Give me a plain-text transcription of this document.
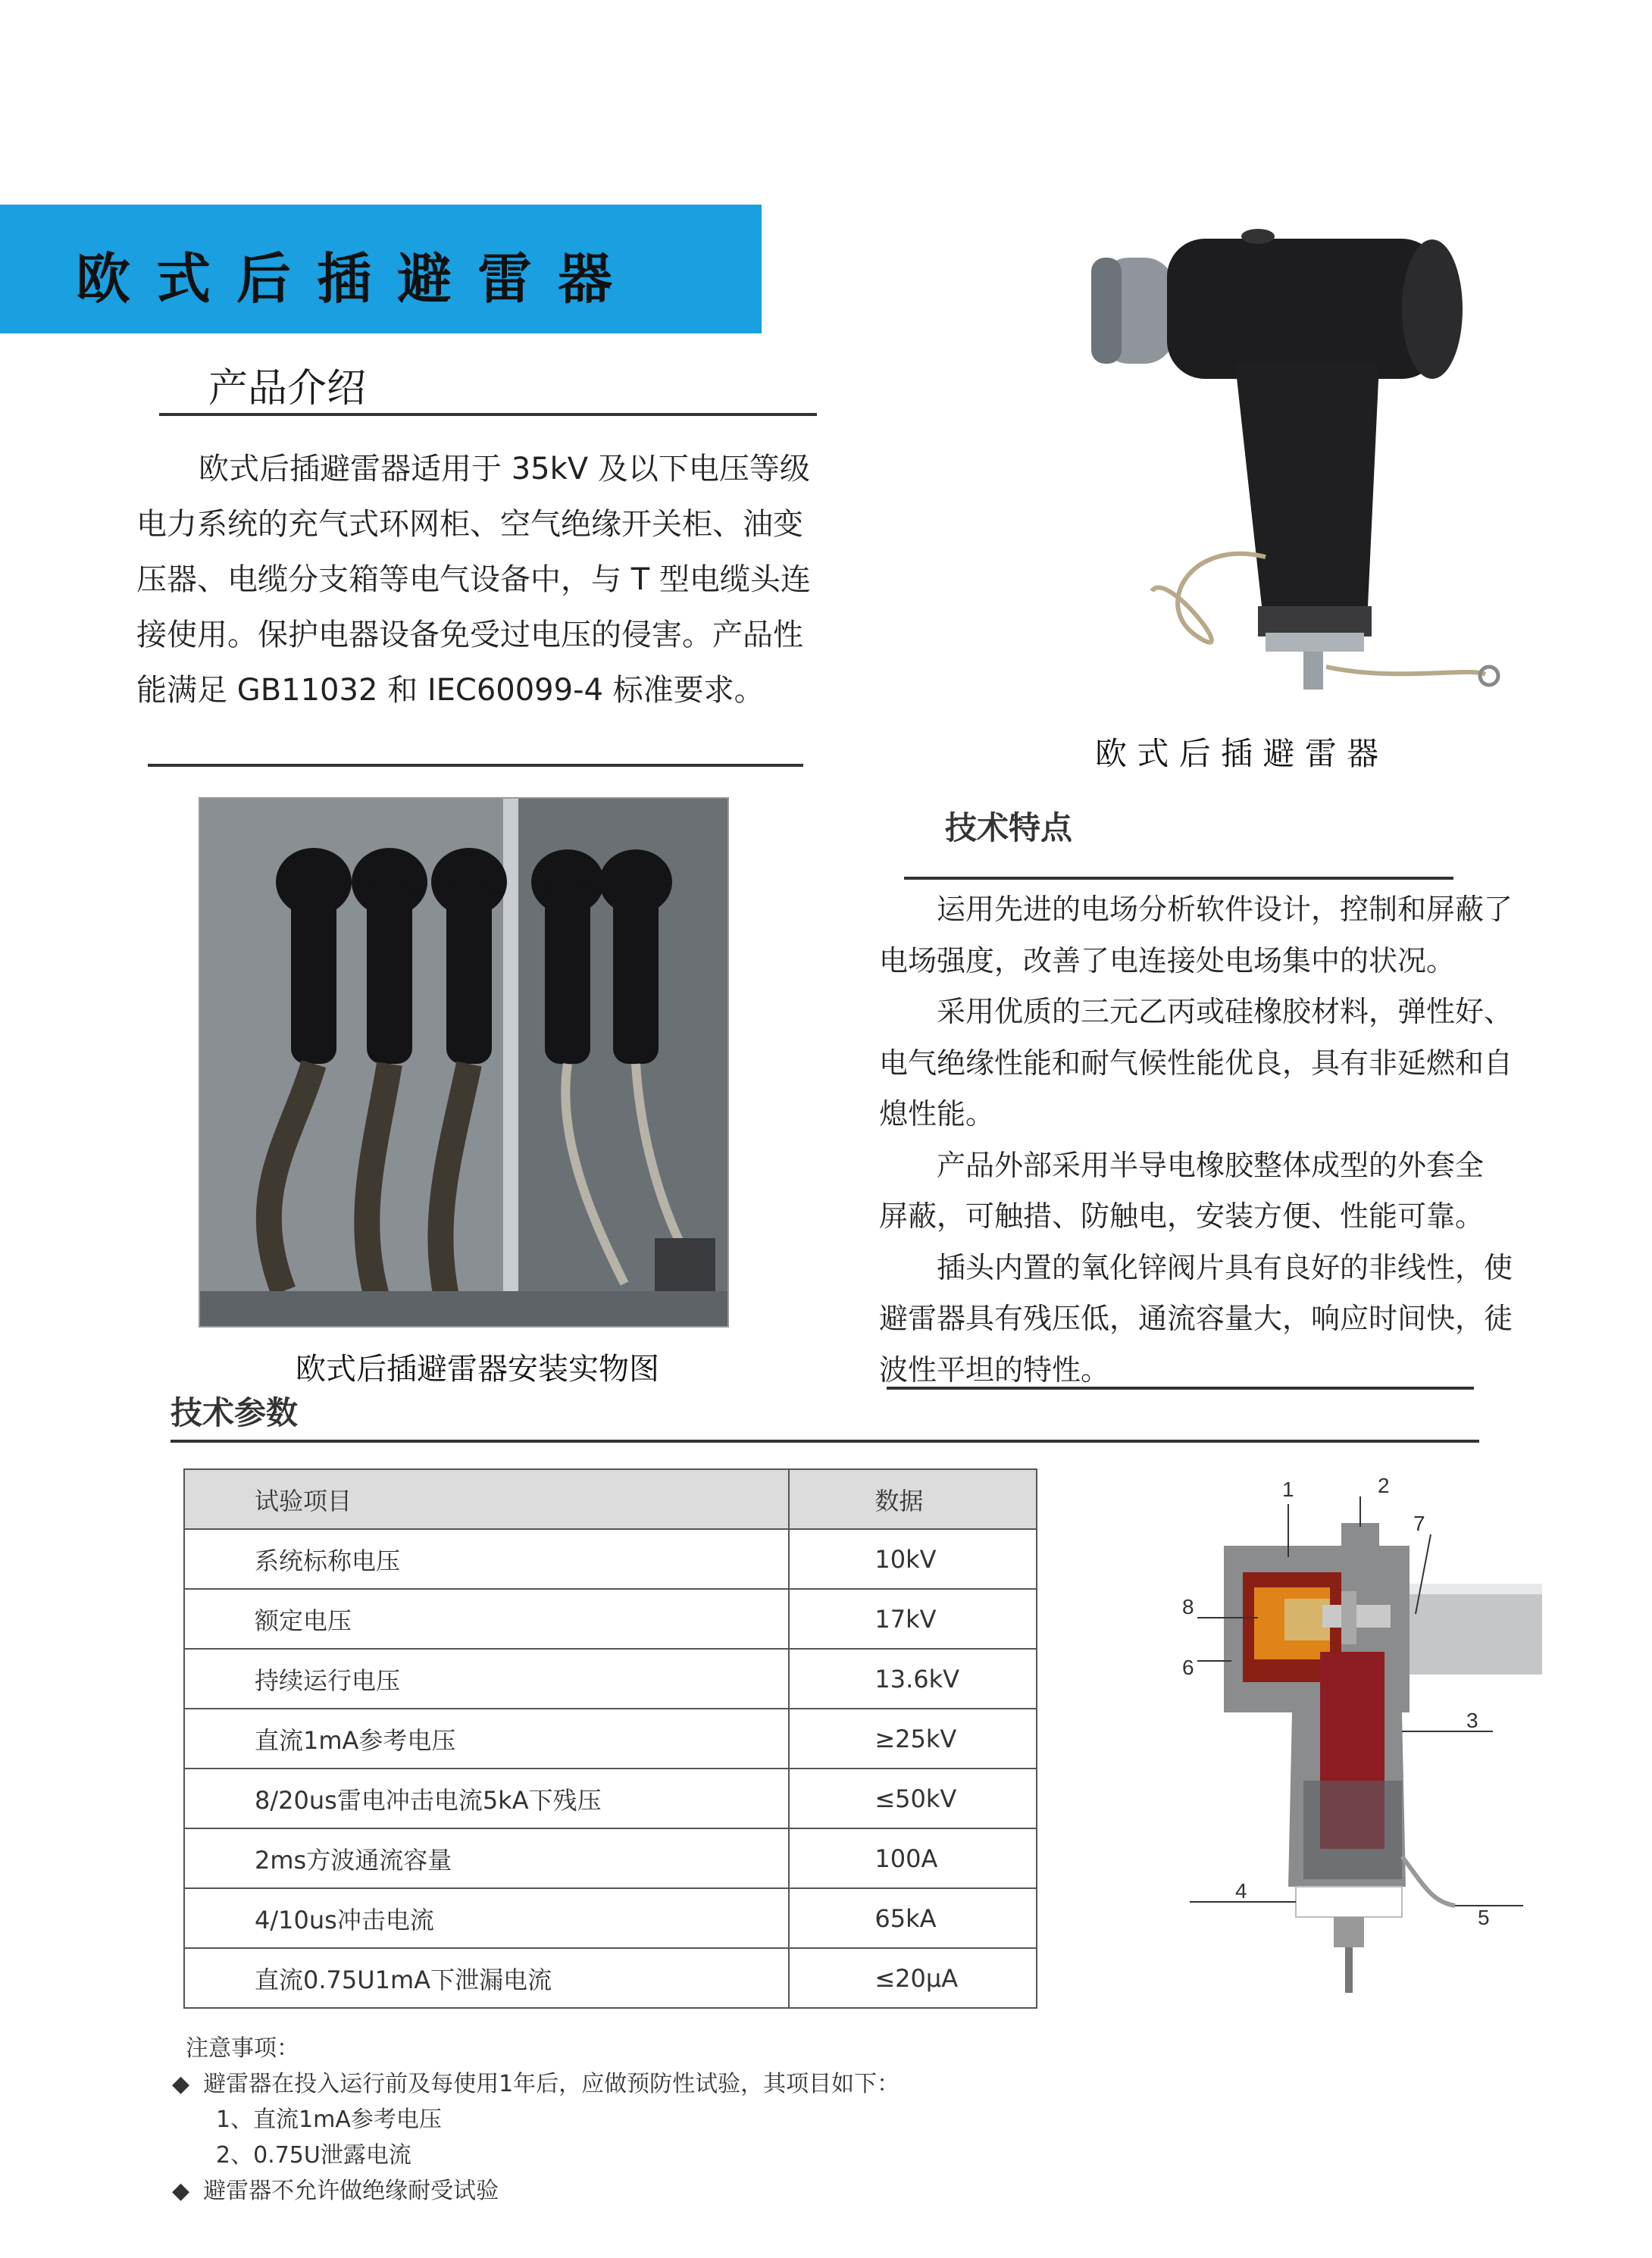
欧式后插避雷器
产品介绍

欧式后插避雷器适用于 35kV 及以下电压等级

电力系统的充气式环网柜、空气绝缘开关柜、油变

压器、电缆分支箱等电气设备中，与 T 型电缆头连

接使用。保护电器设备免受过电压的侵害。产品性

能满足 GB11032 和 IEC60099-4 标准要求。

欧 式 后 插 避 雷 器
欧式后插避雷器安装实物图
技术特点

运用先进的电场分析软件设计，控制和屏蔽了

电场强度，改善了电连接处电场集中的状况。

采用优质的三元乙丙或硅橡胶材料，弹性好、

电气绝缘性能和耐气候性能优良，具有非延燃和自

熄性能。

产品外部采用半导电橡胶整体成型的外套全

屏蔽，可触措、防触电，安装方便、性能可靠。

插头内置的氧化锌阀片具有良好的非线性，使

避雷器具有残压低，通流容量大，响应时间快，徒

波性平坦的特性。

技术参数
试验项目	数据
系统标称电压	10kV
额定电压	17kV
持续运行电压	13.6kV
直流1mA参考电压	≥25kV
8/20us雷电冲击电流5kA下残压	≤50kV
2ms方波通流容量	100A
4/10us冲击电流	65kA
直流0.75U1mA下泄漏电流	≤20μA
1	2
3
4
5
6
7
8
注意事项：
◆ 避雷器在投入运行前及每使用1年后，应做预防性试验，其项目如下：
1、直流1mA参考电压
2、0.75U泄露电流
◆ 避雷器不允许做绝缘耐受试验
